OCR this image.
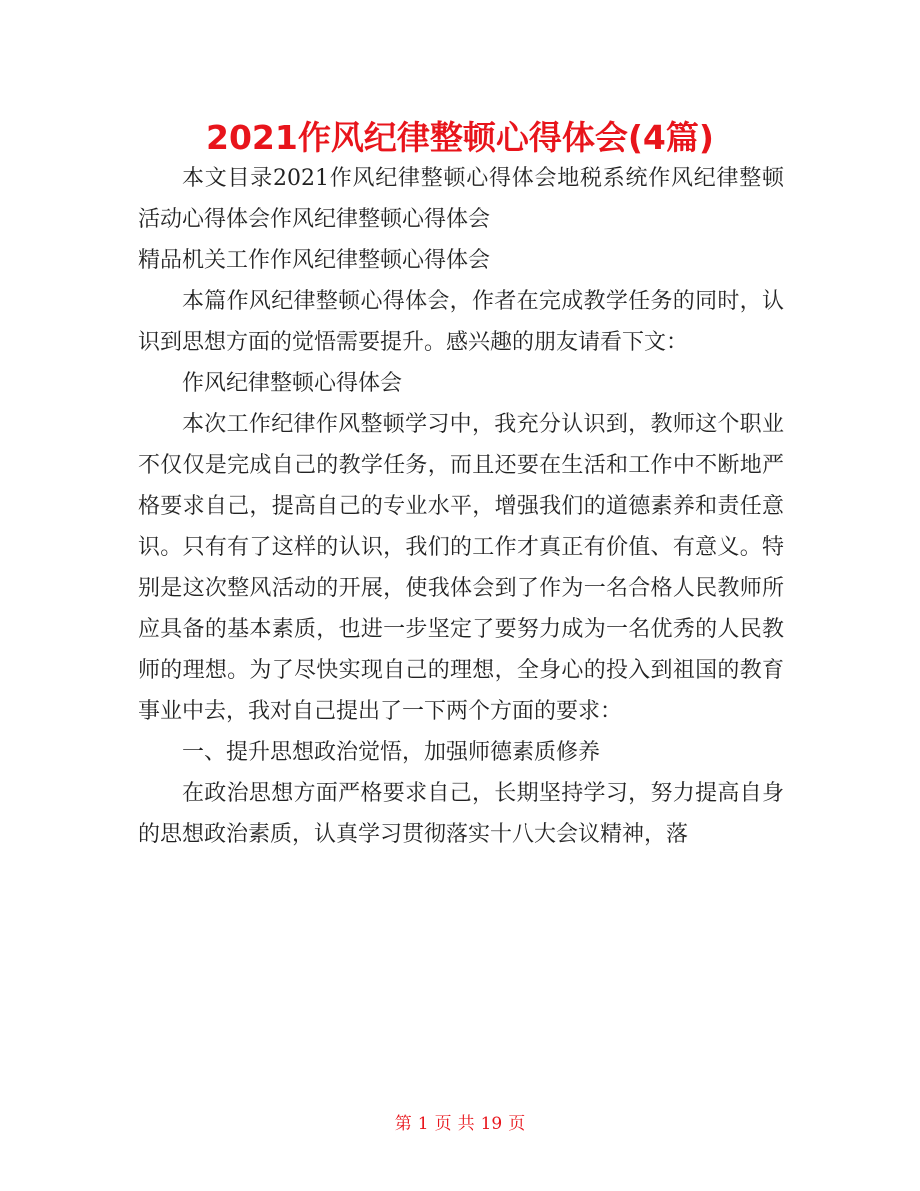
2021作风纪律整顿心得体会(4篇)

本文目录2021作风纪律整顿心得体会地税系统作风纪律整顿活动心得体会作风纪律整顿心得体会

精品机关工作作风纪律整顿心得体会

本篇作风纪律整顿心得体会，作者在完成教学任务的同时，认识到思想方面的觉悟需要提升。感兴趣的朋友请看下文：

作风纪律整顿心得体会

本次工作纪律作风整顿学习中，我充分认识到，教师这个职业不仅仅是完成自己的教学任务，而且还要在生活和工作中不断地严格要求自己，提高自己的专业水平，增强我们的道德素养和责任意识。只有有了这样的认识，我们的工作才真正有价值、有意义。特别是这次整风活动的开展，使我体会到了作为一名合格人民教师所应具备的基本素质，也进一步坚定了要努力成为一名优秀的人民教师的理想。为了尽快实现自己的理想，全身心的投入到祖国的教育事业中去，我对自己提出了一下两个方面的要求：

一、提升思想政治觉悟，加强师德素质修养

在政治思想方面严格要求自己，长期坚持学习，努力提高自身的思想政治素质，认真学习贯彻落实十八大会议精神，落

第 1 页 共 19 页
